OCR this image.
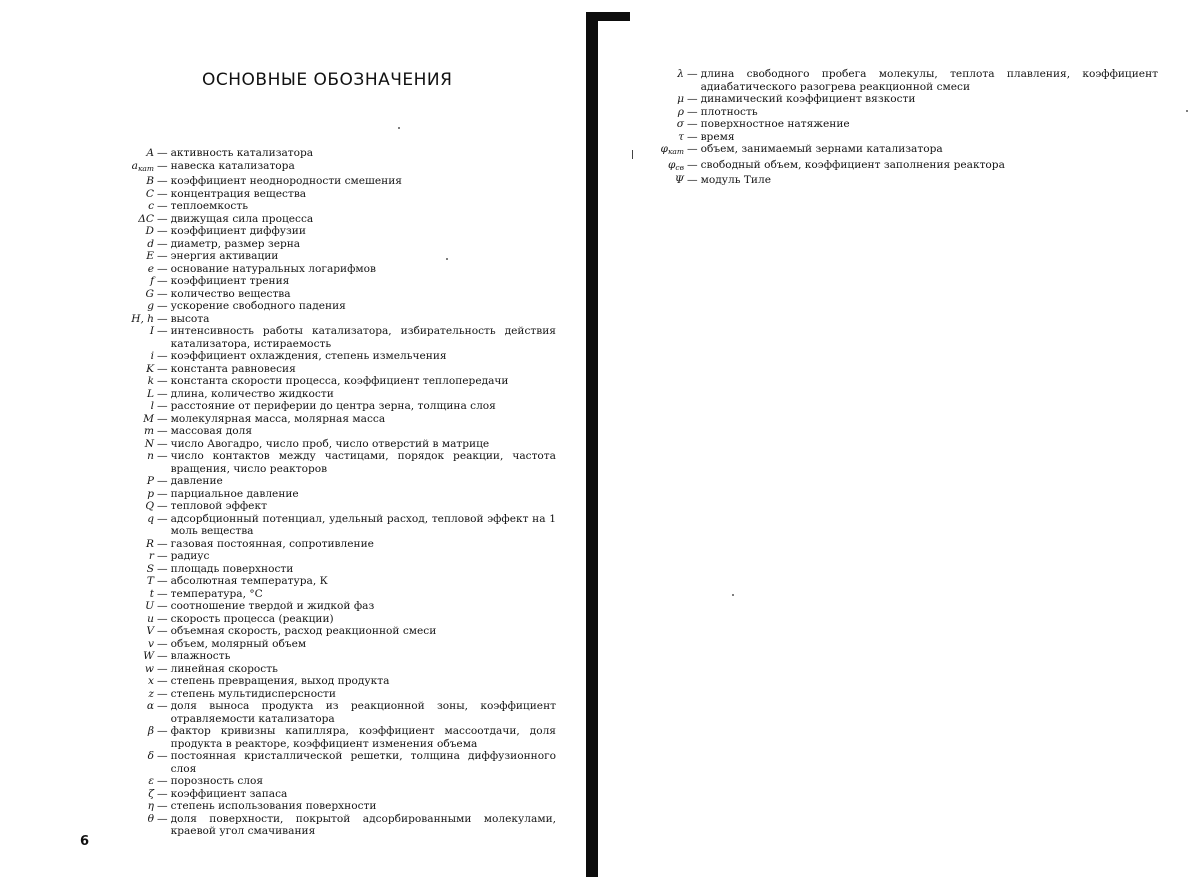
ОСНОВНЫЕ ОБОЗНАЧЕНИЯ
A — активность катализатора
$a_{кат}$ — навеска катализатора
B — коэффициент неоднородности смешения
C — концентрация вещества
c — теплоемкость
ΔC — движущая сила процесса
D — коэффициент диффузии
d — диаметр, размер зерна
E — энергия активации
e — основание натуральных логарифмов
f — коэффициент трения
G — количество вещества
g — ускорение свободного падения
H, h — высота
I — интенсивность работы катализатора, избирательность действия катализатора, истираемость
i — коэффициент охлаждения, степень измельчения
K — константа равновесия
k — константа скорости процесса, коэффициент теплопередачи
L — длина, количество жидкости
l — расстояние от периферии до центра зерна, толщина слоя
M — молекулярная масса, молярная масса
m — массовая доля
N — число Авогадро, число проб, число отверстий в матрице
n — число контактов между частицами, порядок реакции, частота вращения, число реакторов
P — давление
p — парциальное давление
Q — тепловой эффект
q — адсорбционный потенциал, удельный расход, тепловой эффект на 1 моль вещества
R — газовая постоянная, сопротивление
r — радиус
S — площадь поверхности
T — абсолютная температура, К
t — температура, °С
U — соотношение твердой и жидкой фаз
u — скорость процесса (реакции)
V — объемная скорость, расход реакционной смеси
v — объем, молярный объем
W — влажность
w — линейная скорость
x — степень превращения, выход продукта
z — степень мультидисперсности
α — доля выноса продукта из реакционной зоны, коэффициент отравляемости катализатора
β — фактор кривизны капилляра, коэффициент массоотдачи, доля продукта в реакторе, коэффициент изменения объема
δ — постоянная кристаллической решетки, толщина диффузионного слоя
ε — порозность слоя
ζ — коэффициент запаса
η — степень использования поверхности
θ — доля поверхности, покрытой адсорбированными молекулами, краевой угол смачивания
6
λ — длина свободного пробега молекулы, теплота плавления, коэффициент адиабатического разогрева реакционной смеси
μ — динамический коэффициент вязкости
ρ — плотность
σ — поверхностное натяжение
τ — время
$\varphi_{кат}$ — объем, занимаемый зернами катализатора
$\varphi_{св}$ — свободный объем, коэффициент заполнения реактора
Ψ — модуль Тиле
